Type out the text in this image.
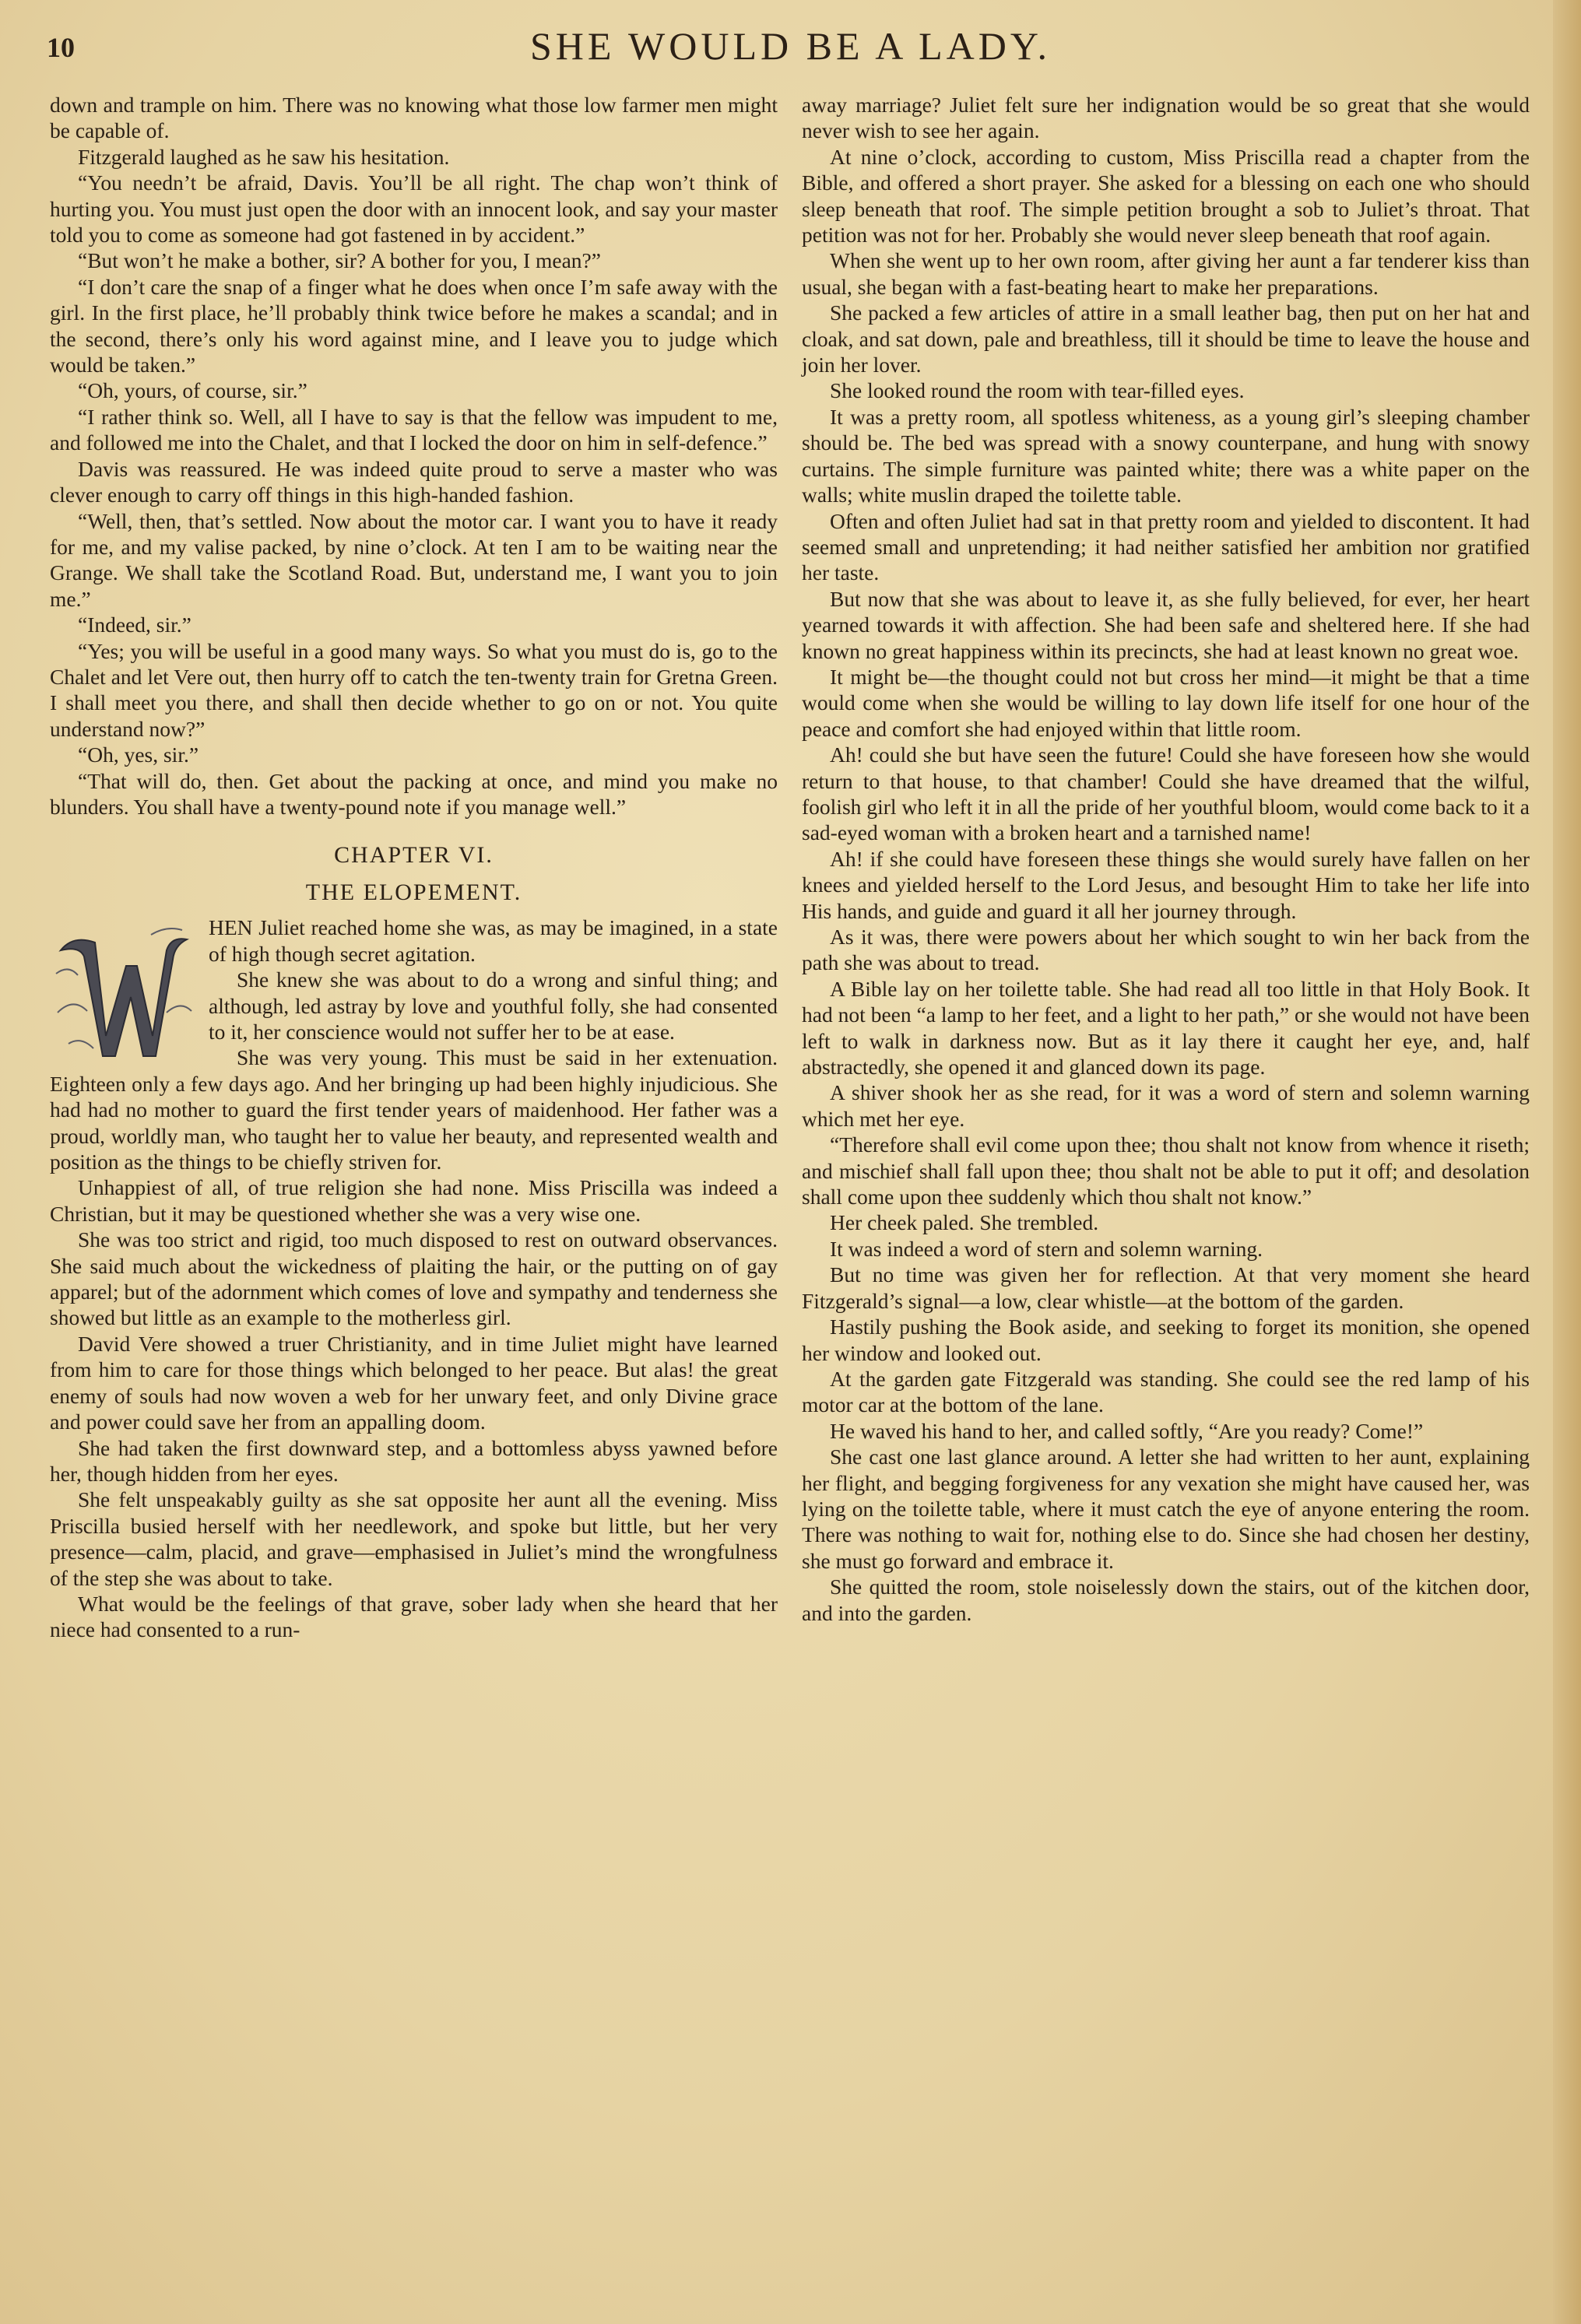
10	SHE WOULD BE A LADY.

down and trample on him. There was no knowing what those low farmer men might be capable of.

Fitzgerald laughed as he saw his hesitation.

“You needn’t be afraid, Davis. You’ll be all right. The chap won’t think of hurting you. You must just open the door with an innocent look, and say your master told you to come as someone had got fastened in by accident.”

“But won’t he make a bother, sir? A bother for you, I mean?”

“I don’t care the snap of a finger what he does when once I’m safe away with the girl. In the first place, he’ll probably think twice before he makes a scandal; and in the second, there’s only his word against mine, and I leave you to judge which would be taken.”

“Oh, yours, of course, sir.”

“I rather think so. Well, all I have to say is that the fellow was impudent to me, and followed me into the Chalet, and that I locked the door on him in self-defence.”

Davis was reassured. He was indeed quite proud to serve a master who was clever enough to carry off things in this high-handed fashion.

“Well, then, that’s settled. Now about the motor car. I want you to have it ready for me, and my valise packed, by nine o’clock. At ten I am to be waiting near the Grange. We shall take the Scotland Road. But, understand me, I want you to join me.”

“Indeed, sir.”

“Yes; you will be useful in a good many ways. So what you must do is, go to the Chalet and let Vere out, then hurry off to catch the ten-twenty train for Gretna Green. I shall meet you there, and shall then decide whether to go on or not. You quite understand now?”

“Oh, yes, sir.”

“That will do, then. Get about the packing at once, and mind you make no blunders. You shall have a twenty-pound note if you manage well.”

CHAPTER VI.
THE ELOPEMENT.

HEN Juliet reached home she was, as may be imagined, in a state of high though secret agitation.

She knew she was about to do a wrong and sinful thing; and although, led astray by love and youthful folly, she had consented to it, her conscience would not suffer her to be at ease.

She was very young. This must be said in her extenuation. Eighteen only a few days ago. And her bringing up had been highly injudicious. She had had no mother to guard the first tender years of maidenhood. Her father was a proud, worldly man, who taught her to value her beauty, and represented wealth and position as the things to be chiefly striven for.

Unhappiest of all, of true religion she had none. Miss Priscilla was indeed a Christian, but it may be questioned whether she was a very wise one.

She was too strict and rigid, too much disposed to rest on outward observances. She said much about the wickedness of plaiting the hair, or the putting on of gay apparel; but of the adornment which comes of love and sympathy and tenderness she showed but little as an example to the motherless girl.

David Vere showed a truer Christianity, and in time Juliet might have learned from him to care for those things which belonged to her peace. But alas! the great enemy of souls had now woven a web for her unwary feet, and only Divine grace and power could save her from an appalling doom.

She had taken the first downward step, and a bottomless abyss yawned before her, though hidden from her eyes.

She felt unspeakably guilty as she sat opposite her aunt all the evening. Miss Priscilla busied herself with her needlework, and spoke but little, but her very presence—calm, placid, and grave—emphasised in Juliet’s mind the wrongfulness of the step she was about to take.

What would be the feelings of that grave, sober lady when she heard that her niece had consented to a run-

away marriage? Juliet felt sure her indignation would be so great that she would never wish to see her again.

At nine o’clock, according to custom, Miss Priscilla read a chapter from the Bible, and offered a short prayer. She asked for a blessing on each one who should sleep beneath that roof. The simple petition brought a sob to Juliet’s throat. That petition was not for her. Probably she would never sleep beneath that roof again.

When she went up to her own room, after giving her aunt a far tenderer kiss than usual, she began with a fast-beating heart to make her preparations.

She packed a few articles of attire in a small leather bag, then put on her hat and cloak, and sat down, pale and breathless, till it should be time to leave the house and join her lover.

She looked round the room with tear-filled eyes.

It was a pretty room, all spotless whiteness, as a young girl’s sleeping chamber should be. The bed was spread with a snowy counterpane, and hung with snowy curtains. The simple furniture was painted white; there was a white paper on the walls; white muslin draped the toilette table.

Often and often Juliet had sat in that pretty room and yielded to discontent. It had seemed small and unpretending; it had neither satisfied her ambition nor gratified her taste.

But now that she was about to leave it, as she fully believed, for ever, her heart yearned towards it with affection. She had been safe and sheltered here. If she had known no great happiness within its precincts, she had at least known no great woe.

It might be—the thought could not but cross her mind—it might be that a time would come when she would be willing to lay down life itself for one hour of the peace and comfort she had enjoyed within that little room.

Ah! could she but have seen the future! Could she have foreseen how she would return to that house, to that chamber! Could she have dreamed that the wilful, foolish girl who left it in all the pride of her youthful bloom, would come back to it a sad-eyed woman with a broken heart and a tarnished name!

Ah! if she could have foreseen these things she would surely have fallen on her knees and yielded herself to the Lord Jesus, and besought Him to take her life into His hands, and guide and guard it all her journey through.

As it was, there were powers about her which sought to win her back from the path she was about to tread.

A Bible lay on her toilette table. She had read all too little in that Holy Book. It had not been “a lamp to her feet, and a light to her path,” or she would not have been left to walk in darkness now. But as it lay there it caught her eye, and, half abstractedly, she opened it and glanced down its page.

A shiver shook her as she read, for it was a word of stern and solemn warning which met her eye.

“Therefore shall evil come upon thee; thou shalt not know from whence it riseth; and mischief shall fall upon thee; thou shalt not be able to put it off; and desolation shall come upon thee suddenly which thou shalt not know.”

Her cheek paled. She trembled.

It was indeed a word of stern and solemn warning.

But no time was given her for reflection. At that very moment she heard Fitzgerald’s signal—a low, clear whistle—at the bottom of the garden.

Hastily pushing the Book aside, and seeking to forget its monition, she opened her window and looked out.

At the garden gate Fitzgerald was standing. She could see the red lamp of his motor car at the bottom of the lane.

He waved his hand to her, and called softly, “Are you ready? Come!”

She cast one last glance around. A letter she had written to her aunt, explaining her flight, and begging forgiveness for any vexation she might have caused her, was lying on the toilette table, where it must catch the eye of anyone entering the room. There was nothing to wait for, nothing else to do. Since she had chosen her destiny, she must go forward and embrace it.

She quitted the room, stole noiselessly down the stairs, out of the kitchen door, and into the garden.
